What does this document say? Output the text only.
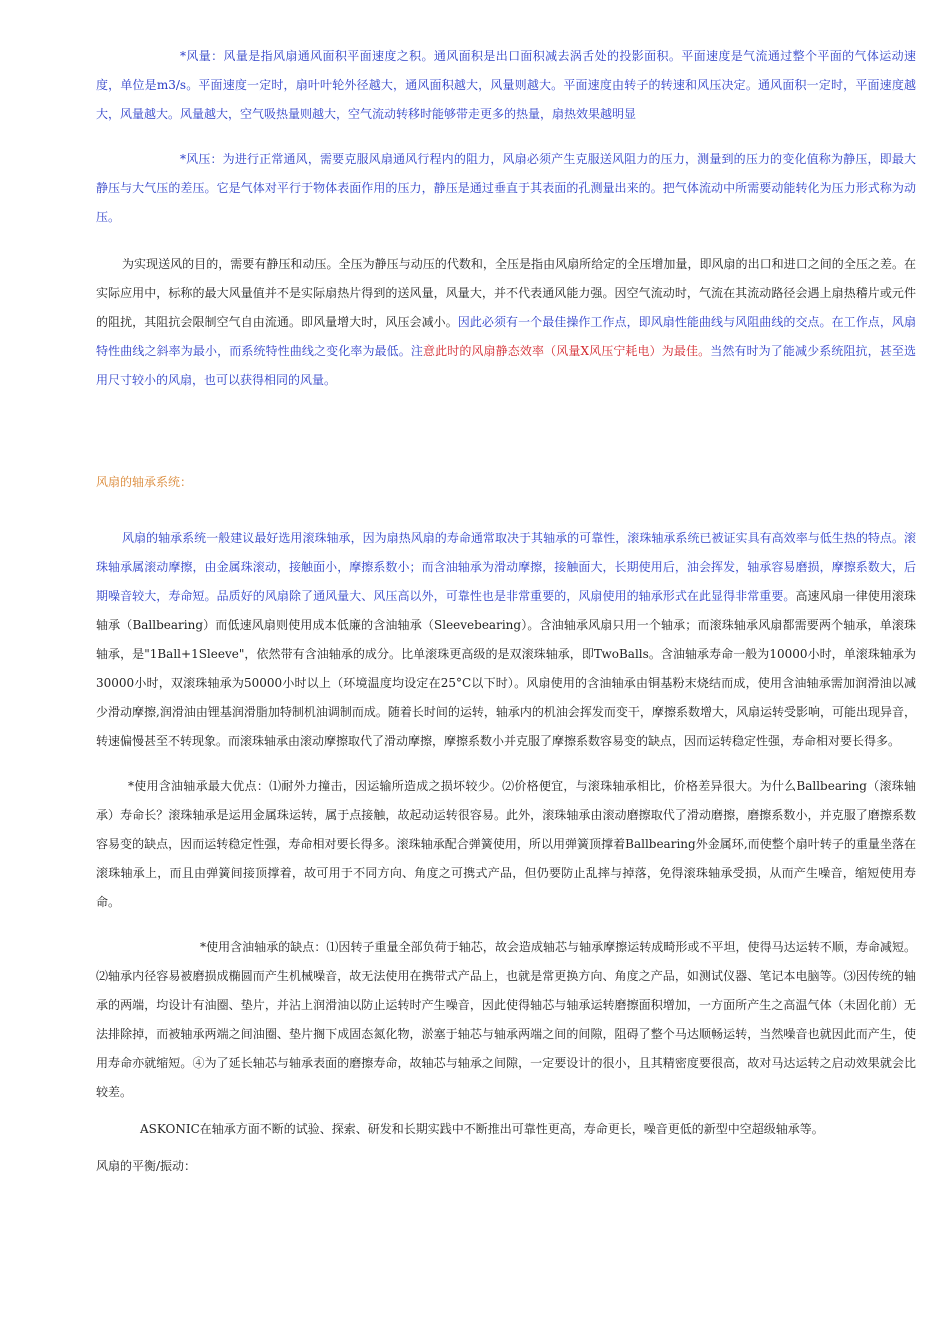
*风量：风量是指风扇通风面积平面速度之积。通风面积是出口面积减去涡舌处的投影面积。平面速度是气流通过整个平面的气体运动速度，单位是m3/s。平面速度一定时，扇叶叶轮外径越大，通风面积越大，风量则越大。平面速度由转子的转速和风压决定。通风面积一定时，平面速度越大，风量越大。风量越大，空气吸热量则越大，空气流动转移时能够带走更多的热量，扇热效果越明显

*风压：为进行正常通风，需要克服风扇通风行程内的阻力，风扇必须产生克服送风阻力的压力，测量到的压力的变化值称为静压，即最大静压与大气压的差压。它是气体对平行于物体表面作用的压力，静压是通过垂直于其表面的孔测量出来的。把气体流动中所需要动能转化为压力形式称为动压。

为实现送风的目的，需要有静压和动压。全压为静压与动压的代数和，全压是指由风扇所给定的全压增加量，即风扇的出口和进口之间的全压之差。在实际应用中，标称的最大风量值并不是实际扇热片得到的送风量，风量大，并不代表通风能力强。因空气流动时，气流在其流动路径会遇上扇热稽片或元件的阻扰，其阻抗会限制空气自由流通。即风量增大时，风压会减小。因此必须有一个最佳操作工作点，即风扇性能曲线与风阻曲线的交点。在工作点，风扇特性曲线之斜率为最小，而系统特性曲线之变化率为最低。注意此时的风扇静态效率（风量X风压宁耗电）为最佳。当然有时为了能减少系统阻抗，甚至选用尺寸较小的风扇，也可以获得相同的风量。

风扇的轴承系统：

风扇的轴承系统一般建议最好选用滚珠轴承，因为扇热风扇的寿命通常取决于其轴承的可靠性，滚珠轴承系统已被证实具有高效率与低生热的特点。滚珠轴承属滚动摩擦，由金属珠滚动，接触面小，摩擦系数小；而含油轴承为滑动摩擦，接触面大，长期使用后，油会挥发，轴承容易磨损，摩擦系数大，后期噪音较大，寿命短。品质好的风扇除了通风量大、风压高以外，可靠性也是非常重要的，风扇使用的轴承形式在此显得非常重要。高速风扇一律使用滚珠轴承（Ballbearing）而低速风扇则使用成本低廉的含油轴承（Sleevebearing）。含油轴承风扇只用一个轴承；而滚珠轴承风扇都需要两个轴承，单滚珠轴承，是"1Ball+1Sleeve"，依然带有含油轴承的成分。比单滚珠更高级的是双滚珠轴承，即TwoBalls。含油轴承寿命一般为10000小时，单滚珠轴承为30000小时，双滚珠轴承为50000小时以上（环境温度均设定在25°C以下时）。风扇使用的含油轴承由铜基粉末烧结而成，使用含油轴承需加润滑油以减少滑动摩擦,润滑油由锂基润滑脂加特制机油调制而成。随着长时间的运转，轴承内的机油会挥发而变干，摩擦系数增大，风扇运转受影响，可能出现异音，转速偏慢甚至不转现象。而滚珠轴承由滚动摩擦取代了滑动摩擦，摩擦系数小并克服了摩擦系数容易变的缺点，因而运转稳定性强，寿命相对要长得多。

*使用含油轴承最大优点：⑴耐外力撞击，因运输所造成之损坏较少。⑵价格便宜，与滚珠轴承相比，价格差异很大。为什么Ballbearing（滚珠轴承）寿命长？滚珠轴承是运用金属珠运转，属于点接触，故起动运转很容易。此外，滚珠轴承由滚动磨擦取代了滑动磨擦，磨擦系数小，并克服了磨擦系数容易变的缺点，因而运转稳定性强，寿命相对要长得多。滚珠轴承配合弹簧使用，所以用弹簧顶撑着Ballbearing外金属环,而使整个扇叶转子的重量坐落在滚珠轴承上，而且由弹簧间接顶撑着，故可用于不同方向、角度之可携式产品，但仍要防止乱摔与掉落，免得滚珠轴承受损，从而产生噪音，缩短使用寿命。

*使用含油轴承的缺点：⑴因转子重量全部负荷于轴芯，故会造成轴芯与轴承摩擦运转成畸形或不平坦，使得马达运转不顺，寿命减短。⑵轴承内径容易被磨损成椭圆而产生机械噪音，故无法使用在携带式产品上，也就是常更换方向、角度之产品，如测试仪器、笔记本电脑等。⑶因传统的轴承的两端，均设计有油圈、垫片，并沾上润滑油以防止运转时产生噪音，因此使得轴芯与轴承运转磨擦面积增加，一方面所产生之高温气体（未固化前）无法排除掉，而被轴承两端之间油圈、垫片搁下成固态氮化物，淤塞于轴芯与轴承两端之间的间隙，阻碍了整个马达顺畅运转，当然噪音也就因此而产生，使用寿命亦就缩短。④为了延长轴芯与轴承表面的磨擦寿命，故轴芯与轴承之间隙，一定要设计的很小，且其精密度要很高，故对马达运转之启动效果就会比较差。

ASKONIC在轴承方面不断的试验、探索、研发和长期实践中不断推出可靠性更高，寿命更长，噪音更低的新型中空超级轴承等。

风扇的平衡/振动：
